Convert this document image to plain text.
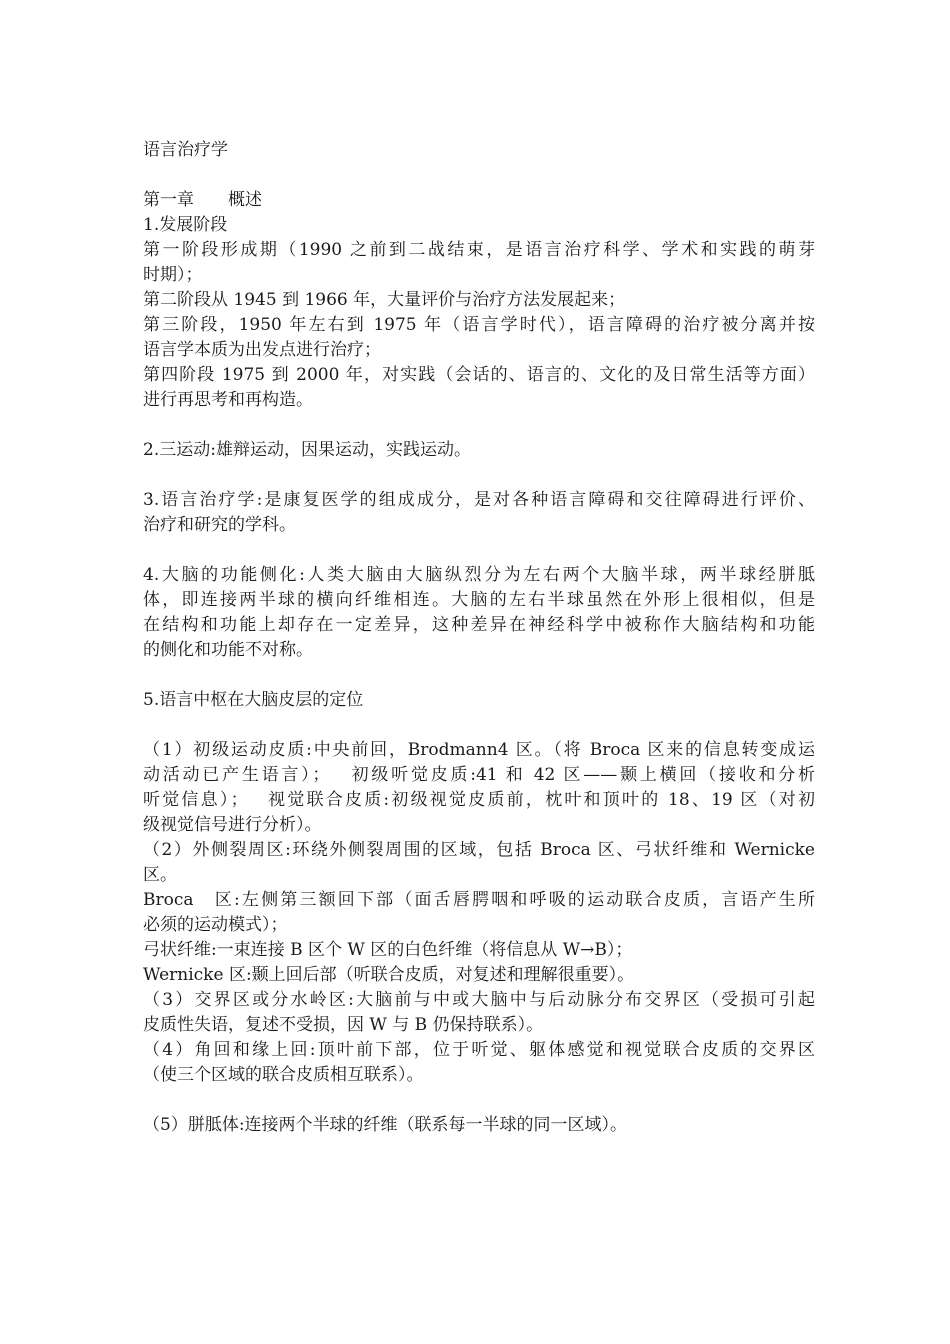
语言治疗学
第一章　　概述
1.发展阶段
第一阶段形成期（1990 之前到二战结束，是语言治疗科学、学术和实践的萌芽
时期）；
第二阶段从 1945 到 1966 年，大量评价与治疗方法发展起来；
第三阶段，1950 年左右到 1975 年（语言学时代），语言障碍的治疗被分离并按
语言学本质为出发点进行治疗；
第四阶段 1975 到 2000 年，对实践（会话的、语言的、文化的及日常生活等方面）
进行再思考和再构造。
2.三运动:雄辩运动，因果运动，实践运动。
3.语言治疗学:是康复医学的组成成分，是对各种语言障碍和交往障碍进行评价、
治疗和研究的学科。
4.大脑的功能侧化:人类大脑由大脑纵烈分为左右两个大脑半球，两半球经胼胝
体，即连接两半球的横向纤维相连。大脑的左右半球虽然在外形上很相似，但是
在结构和功能上却存在一定差异，这种差异在神经科学中被称作大脑结构和功能
的侧化和功能不对称。
5.语言中枢在大脑皮层的定位
（1）初级运动皮质:中央前回，Brodmann4 区。（将 Broca 区来的信息转变成运
动活动已产生语言）；　 初级听觉皮质:41 和 42 区——颞上横回（接收和分析
听觉信息）；　 视觉联合皮质:初级视觉皮质前，枕叶和顶叶的 18、19 区（对初
级视觉信号进行分析）。
（2）外侧裂周区:环绕外侧裂周围的区域，包括 Broca 区、弓状纤维和 Wernicke
区。
Broca　区:左侧第三额回下部（面舌唇腭咽和呼吸的运动联合皮质，言语产生所
必须的运动模式）；
弓状纤维:一束连接 B 区个 W 区的白色纤维（将信息从 W→B）；
Wernicke 区:颞上回后部（听联合皮质，对复述和理解很重要）。
（3）交界区或分水岭区:大脑前与中或大脑中与后动脉分布交界区（受损可引起
皮质性失语，复述不受损，因 W 与 B 仍保持联系）。
（4）角回和缘上回:顶叶前下部，位于听觉、躯体感觉和视觉联合皮质的交界区
（使三个区域的联合皮质相互联系）。
（5）胼胝体:连接两个半球的纤维（联系每一半球的同一区域）。
